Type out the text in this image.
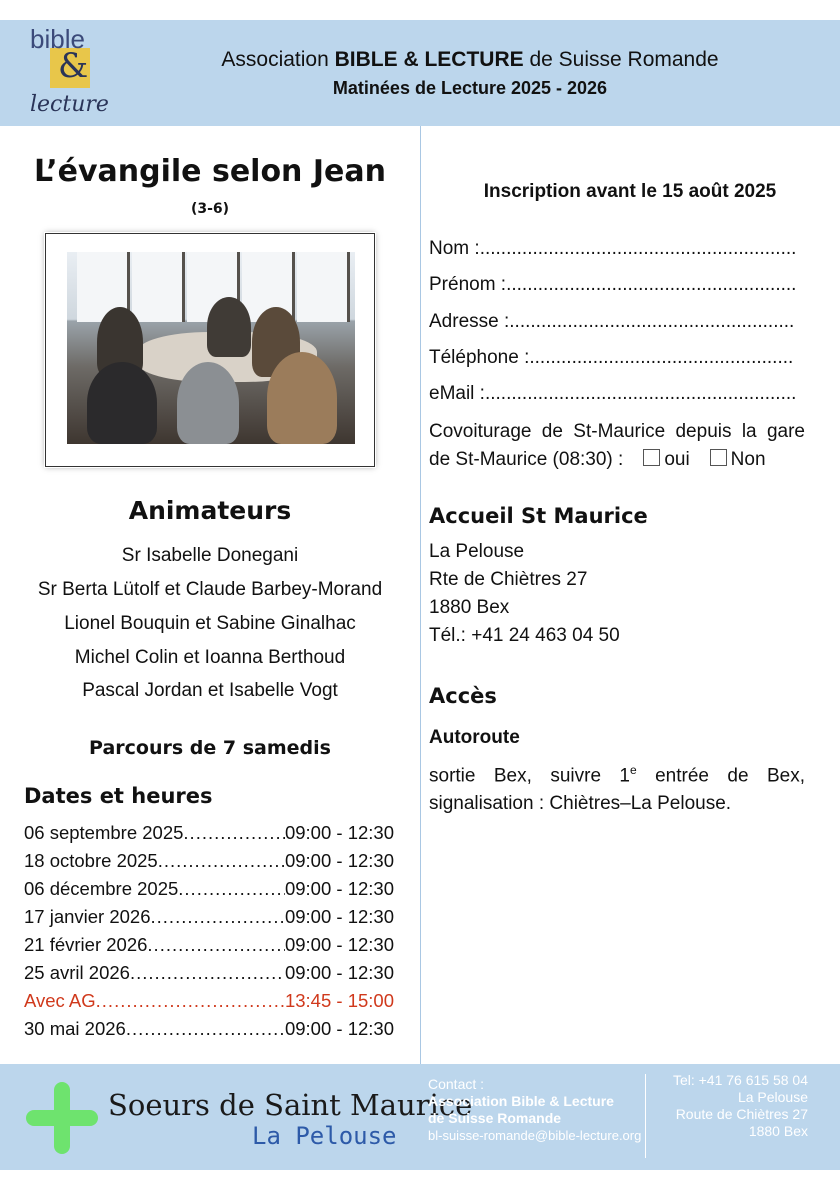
bible
&
lecture
Association BIBLE & LECTURE de Suisse Romande
Matinées de Lecture 2025 - 2026
L’évangile selon Jean
(3-6)
Animateurs
Sr Isabelle Donegani
Sr Berta Lütolf et Claude Barbey-Morand
Lionel Bouquin et Sabine Ginalhac
Michel Colin et Ioanna Berthoud
Pascal Jordan et Isabelle Vogt
Parcours de 7 samedis
Dates et heures
06 septembre 2025 .....	09:00 - 12:30
18 octobre 2025 .....	09:00 - 12:30
06 décembre 2025 .....	09:00 - 12:30
17 janvier 2026 .....	09:00 - 12:30
21 février 2026 .....	09:00 - 12:30
25 avril 2026 .....	09:00 - 12:30
Avec AG .....	13:45 - 15:00
30 mai 2026 .....	09:00 - 12:30
Inscription avant le 15 août 2025
Nom :
.....
Prénom :
.....
Adresse :
.....
Téléphone :
.....
eMail :
.....
Covoiturage de St-Maurice depuis la gare de St-Maurice (08:30) : oui Non
Accueil St Maurice
La Pelouse
Rte de Chiètres 27
1880 Bex
Tél.: +41 24 463 04 50
Accès
Autoroute
sortie Bex, suivre 1e entrée de Bex, signalisation : Chiètres–La Pelouse.
Soeurs de Saint Maurice
La Pelouse
Contact :
Association Bible & Lecture
de Suisse Romande
bl-suisse-romande@bible-lecture.org
Tel: +41 76 615 58 04
La Pelouse
Route de Chiètres 27
1880 Bex
